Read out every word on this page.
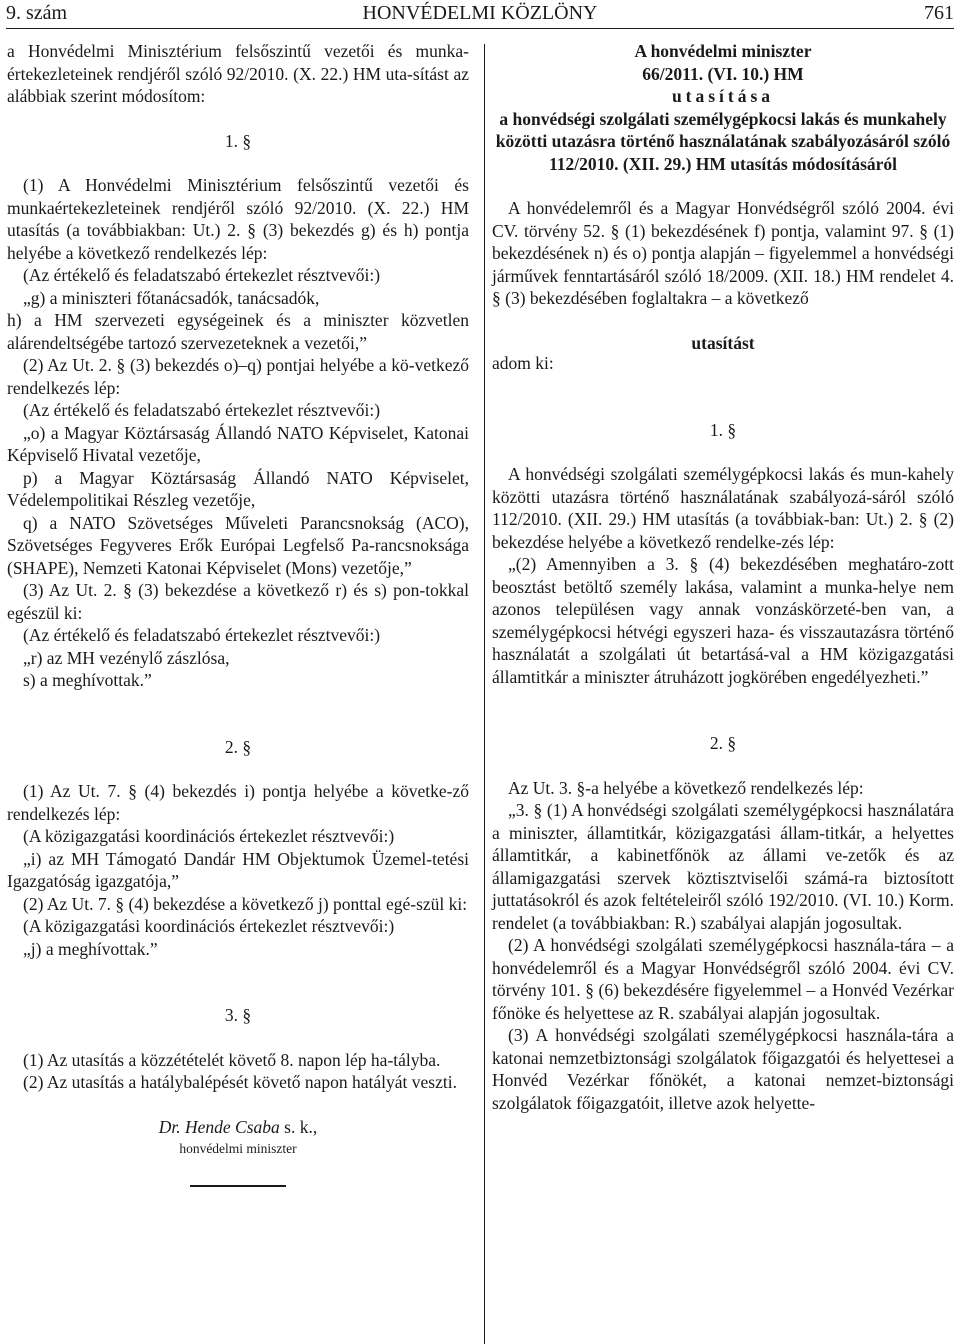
9. szám	HONVÉDELMI KÖZLÖNY	761

a Honvédelmi Minisztérium felsőszintű vezetői és munka-értekezleteinek rendjéről szóló 92/2010. (X. 22.) HM uta-sítást az alábbiak szerint módosítom:

1. §

(1) A Honvédelmi Minisztérium felsőszintű vezetői és munkaértekezleteinek rendjéről szóló 92/2010. (X. 22.) HM utasítás (a továbbiakban: Ut.) 2. § (3) bekezdés g) és h) pontja helyébe a következő rendelkezés lép:

(Az értékelő és feladatszabó értekezlet résztvevői:)

„g) a miniszteri főtanácsadók, tanácsadók,

h) a HM szervezeti egységeinek és a miniszter közvetlen alárendeltségébe tartozó szervezeteknek a vezetői,”

(2) Az Ut. 2. § (3) bekezdés o)–q) pontjai helyébe a kö-vetkező rendelkezés lép:

(Az értékelő és feladatszabó értekezlet résztvevői:)

„o) a Magyar Köztársaság Állandó NATO Képviselet, Katonai Képviselő Hivatal vezetője,

p) a Magyar Köztársaság Állandó NATO Képviselet, Védelempolitikai Részleg vezetője,

q) a NATO Szövetséges Műveleti Parancsnokság (ACO), Szövetséges Fegyveres Erők Európai Legfelső Pa-rancsnoksága (SHAPE), Nemzeti Katonai Képviselet (Mons) vezetője,”

(3) Az Ut. 2. § (3) bekezdése a következő r) és s) pon-tokkal egészül ki:

(Az értékelő és feladatszabó értekezlet résztvevői:)

„r) az MH vezénylő zászlósa,

s) a meghívottak.”

2. §

(1) Az Ut. 7. § (4) bekezdés i) pontja helyébe a követke-ző rendelkezés lép:

(A közigazgatási koordinációs értekezlet résztvevői:)

„i) az MH Támogató Dandár HM Objektumok Üzemel-tetési Igazgatóság igazgatója,”

(2) Az Ut. 7. § (4) bekezdése a következő j) ponttal egé-szül ki:

(A közigazgatási koordinációs értekezlet résztvevői:)

„j) a meghívottak.”

3. §

(1) Az utasítás a közzétételét követő 8. napon lép ha-tályba.

(2) Az utasítás a hatálybalépését követő napon hatályát veszti.

Dr. Hende Csaba s. k.,

honvédelmi miniszter

A honvédelmi miniszter

66/2011. (VI. 10.) HM

utasítása

a honvédségi szolgálati személygépkocsi lakás és munkahely közötti utazásra történő használatának szabályozásáról szóló 112/2010. (XII. 29.) HM utasítás módosításáról

A honvédelemről és a Magyar Honvédségről szóló 2004. évi CV. törvény 52. § (1) bekezdésének f) pontja, valamint 97. § (1) bekezdésének n) és o) pontja alapján – figyelemmel a honvédségi járművek fenntartásáról szóló 18/2009. (XII. 18.) HM rendelet 4. § (3) bekezdésében foglaltakra – a következő

utasítást

adom ki:

1. §

A honvédségi szolgálati személygépkocsi lakás és mun-kahely közötti utazásra történő használatának szabályozá-sáról szóló 112/2010. (XII. 29.) HM utasítás (a továbbiak-ban: Ut.) 2. § (2) bekezdése helyébe a következő rendelke-zés lép:

„(2) Amennyiben a 3. § (4) bekezdésében meghatáro-zott beosztást betöltő személy lakása, valamint a munka-helye nem azonos településen vagy annak vonzáskörzeté-ben van, a személygépkocsi hétvégi egyszeri haza- és visszautazásra történő használatát a szolgálati út betartásá-val a HM közigazgatási államtitkár a miniszter átruházott jogkörében engedélyezheti.”

2. §

Az Ut. 3. §-a helyébe a következő rendelkezés lép:

„3. § (1) A honvédségi szolgálati személygépkocsi használatára a miniszter, államtitkár, közigazgatási állam-titkár, a helyettes államtitkár, a kabinetfőnök az állami ve-zetők és az államigazgatási szervek köztisztviselői számá-ra biztosított juttatásokról és azok feltételeiről szóló 192/2010. (VI. 10.) Korm. rendelet (a továbbiakban: R.) szabályai alapján jogosultak.

(2) A honvédségi szolgálati személygépkocsi használa-tára – a honvédelemről és a Magyar Honvédségről szóló 2004. évi CV. törvény 101. § (6) bekezdésére figyelemmel – a Honvéd Vezérkar főnöke és helyettese az R. szabályai alapján jogosultak.

(3) A honvédségi szolgálati személygépkocsi használa-tára a katonai nemzetbiztonsági szolgálatok főigazgatói és helyettesei a Honvéd Vezérkar főnökét, a katonai nemzet-biztonsági szolgálatok főigazgatóit, illetve azok helyette-
